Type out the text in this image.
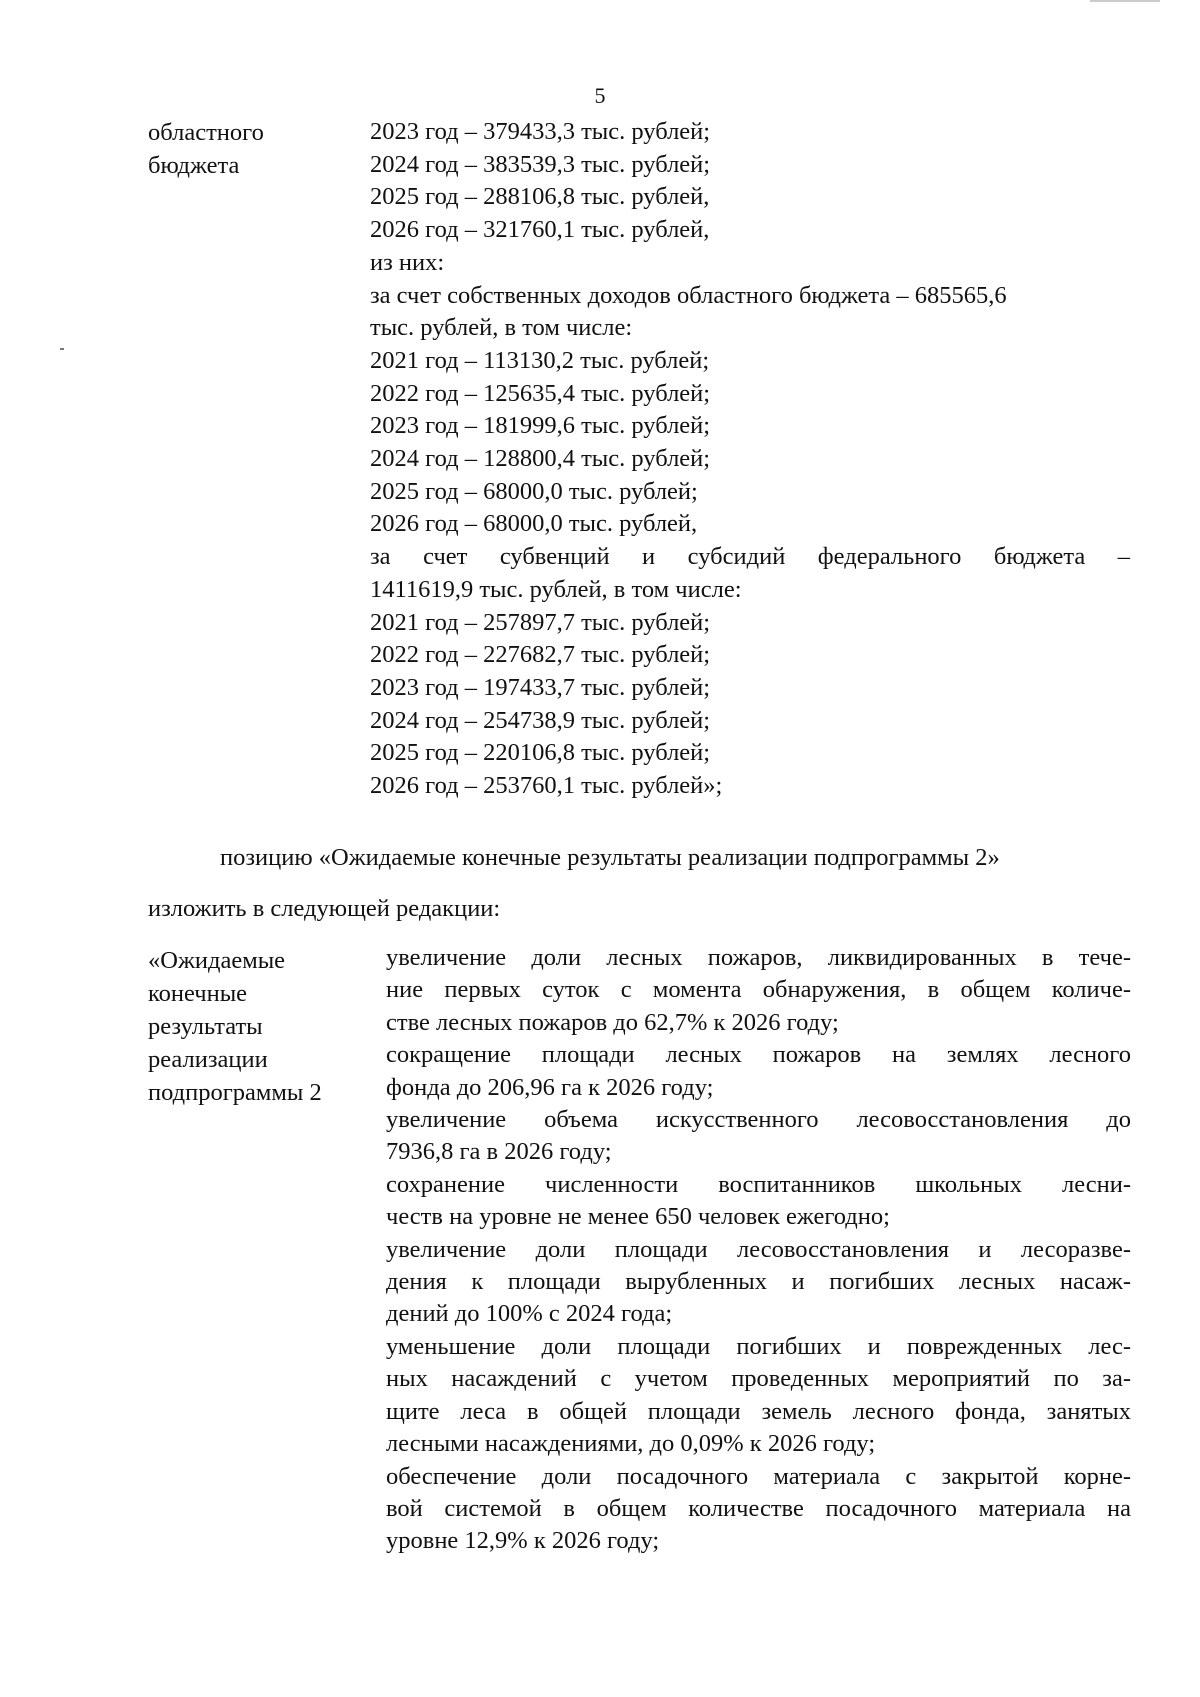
5
областного
бюджета
2023 год – 379433,3 тыс. рублей;
2024 год – 383539,3 тыс. рублей;
2025 год – 288106,8 тыс. рублей,
2026 год – 321760,1 тыс. рублей,
из них:
за счет собственных доходов областного бюджета – 685565,6
тыс. рублей, в том числе:
2021 год – 113130,2 тыс. рублей;
2022 год – 125635,4 тыс. рублей;
2023 год – 181999,6 тыс. рублей;
2024 год – 128800,4 тыс. рублей;
2025 год – 68000,0 тыс. рублей;
2026 год – 68000,0 тыс. рублей,
за счет субвенций и субсидий федерального бюджета –
1411619,9 тыс. рублей, в том числе:
2021 год – 257897,7 тыс. рублей;
2022 год – 227682,7 тыс. рублей;
2023 год – 197433,7 тыс. рублей;
2024 год – 254738,9 тыс. рублей;
2025 год – 220106,8 тыс. рублей;
2026 год – 253760,1 тыс. рублей»;
позицию «Ожидаемые конечные результаты реализации подпрограммы 2»
изложить в следующей редакции:
«Ожидаемые
конечные
результаты
реализации
подпрограммы 2
увеличение доли лесных пожаров, ликвидированных в тече-
ние первых суток с момента обнаружения, в общем количе-
стве лесных пожаров до 62,7% к 2026 году;
сокращение площади лесных пожаров на землях лесного
фонда до 206,96 га к 2026 году;
увеличение объема искусственного лесовосстановления до
7936,8 га в 2026 году;
сохранение численности воспитанников школьных лесни-
честв на уровне не менее 650 человек ежегодно;
увеличение доли площади лесовосстановления и лесоразве-
дения к площади вырубленных и погибших лесных насаж-
дений до 100% с 2024 года;
уменьшение доли площади погибших и поврежденных лес-
ных насаждений с учетом проведенных мероприятий по за-
щите леса в общей площади земель лесного фонда, занятых
лесными насаждениями, до 0,09% к 2026 году;
обеспечение доли посадочного материала с закрытой корне-
вой системой в общем количестве посадочного материала на
уровне 12,9% к 2026 году;
